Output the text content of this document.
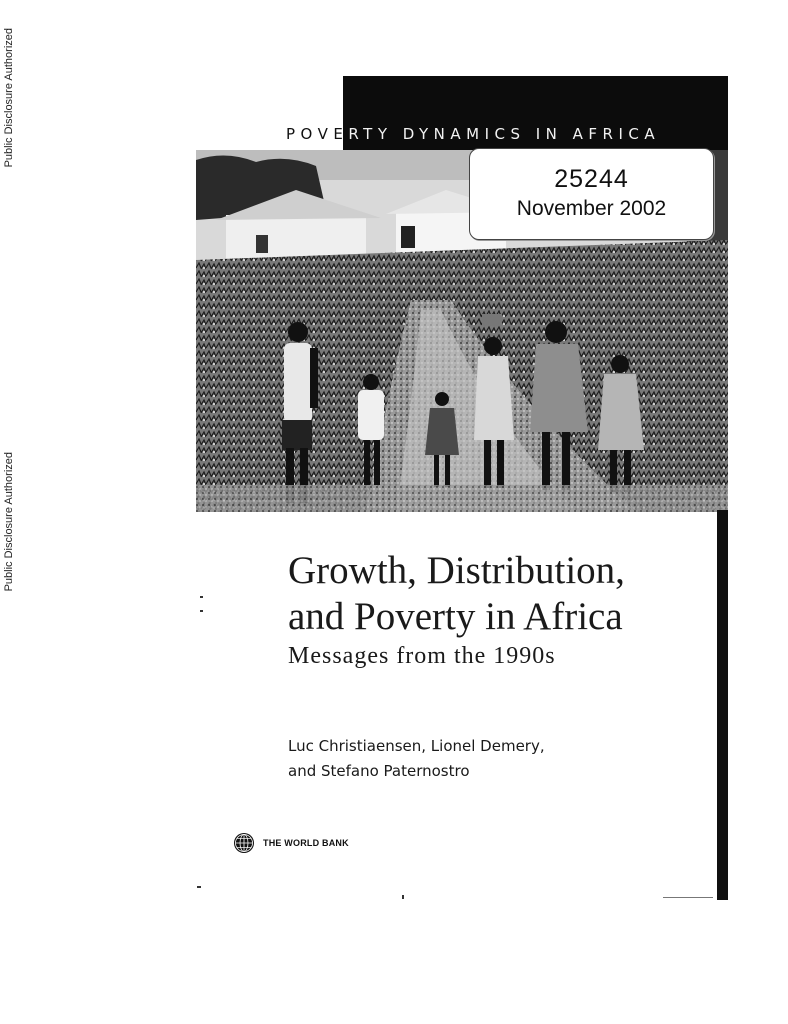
Public Disclosure Authorized
Public Disclosure Authorized
POVERTY DYNAMICS IN AFRICA
25244
November 2002
Growth, Distribution,
and Poverty in Africa
Messages from the 1990s
Luc Christiaensen, Lionel Demery,
and Stefano Paternostro
THE WORLD BANK
